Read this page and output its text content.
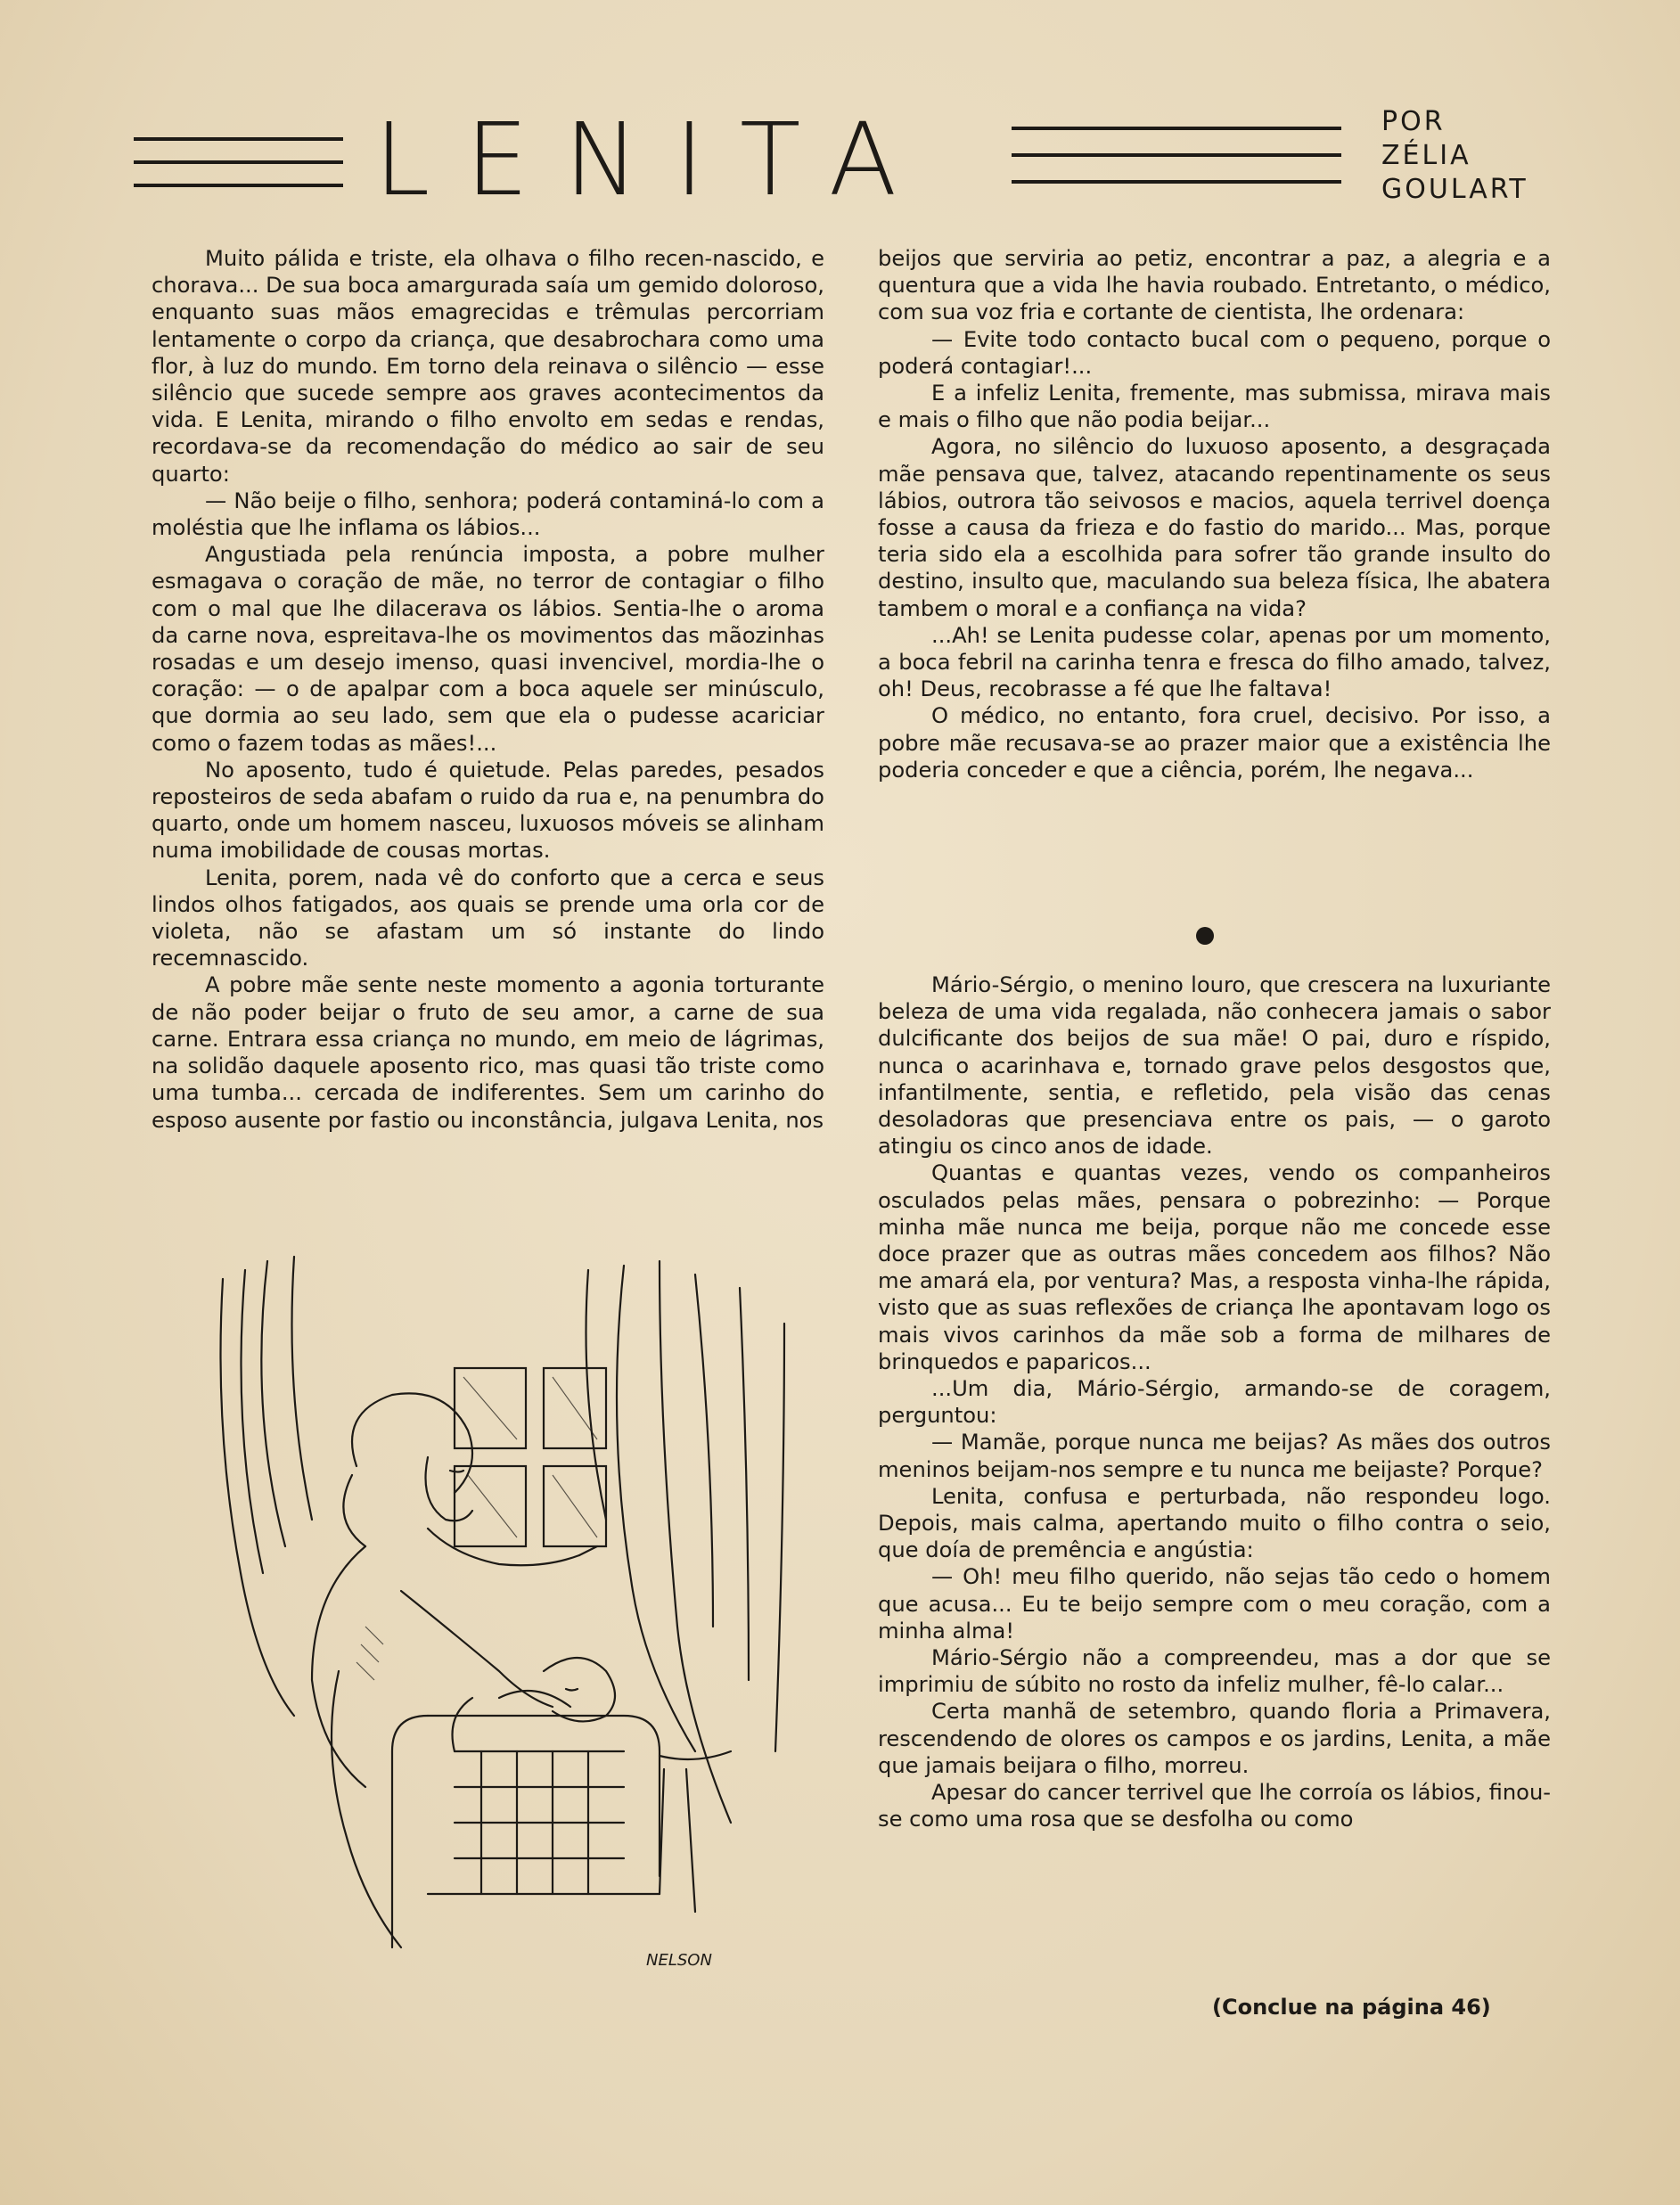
LENITA	POR
ZÉLIA
GOULART

Muito pálida e triste, ela olhava o filho recen-nascido, e chorava... De sua boca amargurada saía um gemido doloroso, enquanto suas mãos emagrecidas e trêmulas percorriam lentamente o corpo da criança, que desabrochara como uma flor, à luz do mundo. Em torno dela reinava o silêncio — esse silêncio que sucede sempre aos graves acontecimentos da vida. E Lenita, mirando o filho envolto em sedas e rendas, recordava-se da recomendação do médico ao sair de seu quarto:

— Não beije o filho, senhora; poderá contaminá-lo com a moléstia que lhe inflama os lábios...

Angustiada pela renúncia imposta, a pobre mulher esmagava o coração de mãe, no terror de contagiar o filho com o mal que lhe dilacerava os lábios. Sentia-lhe o aroma da carne nova, espreitava-lhe os movimentos das mãozinhas rosadas e um desejo imenso, quasi invencivel, mordia-lhe o coração: — o de apalpar com a boca aquele ser minúsculo, que dormia ao seu lado, sem que ela o pudesse acariciar como o fazem todas as mães!...

No aposento, tudo é quietude. Pelas paredes, pesados reposteiros de seda abafam o ruido da rua e, na penumbra do quarto, onde um homem nasceu, luxuosos móveis se alinham numa imobilidade de cousas mortas.

Lenita, porem, nada vê do conforto que a cerca e seus lindos olhos fatigados, aos quais se prende uma orla cor de violeta, não se afastam um só instante do lindo recemnascido.

A pobre mãe sente neste momento a agonia torturante de não poder beijar o fruto de seu amor, a carne de sua carne. Entrara essa criança no mundo, em meio de lágrimas, na solidão daquele aposento rico, mas quasi tão triste como uma tumba... cercada de indiferentes. Sem um carinho do esposo ausente por fastio ou inconstância, julgava Lenita, nos

beijos que serviria ao petiz, encontrar a paz, a alegria e a quentura que a vida lhe havia roubado. Entretanto, o médico, com sua voz fria e cortante de cientista, lhe ordenara:

— Evite todo contacto bucal com o pequeno, porque o poderá contagiar!...

E a infeliz Lenita, fremente, mas submissa, mirava mais e mais o filho que não podia beijar...

Agora, no silêncio do luxuoso aposento, a desgraçada mãe pensava que, talvez, atacando repentinamente os seus lábios, outrora tão seivosos e macios, aquela terrivel doença fosse a causa da frieza e do fastio do marido... Mas, porque teria sido ela a escolhida para sofrer tão grande insulto do destino, insulto que, maculando sua beleza física, lhe abatera tambem o moral e a confiança na vida?

...Ah! se Lenita pudesse colar, apenas por um momento, a boca febril na carinha tenra e fresca do filho amado, talvez, oh! Deus, recobrasse a fé que lhe faltava!

O médico, no entanto, fora cruel, decisivo. Por isso, a pobre mãe recusava-se ao prazer maior que a existência lhe poderia conceder e que a ciência, porém, lhe negava...

Mário-Sérgio, o menino louro, que crescera na luxuriante beleza de uma vida regalada, não conhecera jamais o sabor dulcificante dos beijos de sua mãe! O pai, duro e ríspido, nunca o acarinhava e, tornado grave pelos desgostos que, infantilmente, sentia, e refletido, pela visão das cenas desoladoras que presenciava entre os pais, — o garoto atingiu os cinco anos de idade.

Quantas e quantas vezes, vendo os companheiros osculados pelas mães, pensara o pobrezinho: — Porque minha mãe nunca me beija, porque não me concede esse doce prazer que as outras mães concedem aos filhos? Não me amará ela, por ventura? Mas, a resposta vinha-lhe rápida, visto que as suas reflexões de criança lhe apontavam logo os mais vivos carinhos da mãe sob a forma de milhares de brinquedos e paparicos...

...Um dia, Mário-Sérgio, armando-se de coragem, perguntou:

— Mamãe, porque nunca me beijas? As mães dos outros meninos beijam-nos sempre e tu nunca me beijaste? Porque?

Lenita, confusa e perturbada, não respondeu logo. Depois, mais calma, apertando muito o filho contra o seio, que doía de premência e angústia:

— Oh! meu filho querido, não sejas tão cedo o homem que acusa... Eu te beijo sempre com o meu coração, com a minha alma!

Mário-Sérgio não a compreendeu, mas a dor que se imprimiu de súbito no rosto da infeliz mulher, fê-lo calar...

Certa manhã de setembro, quando floria a Primavera, rescendendo de olores os campos e os jardins, Lenita, a mãe que jamais beijara o filho, morreu.

Apesar do cancer terrivel que lhe corroía os lábios, finou-se como uma rosa que se desfolha ou como

NELSON
(Conclue na página 46)
